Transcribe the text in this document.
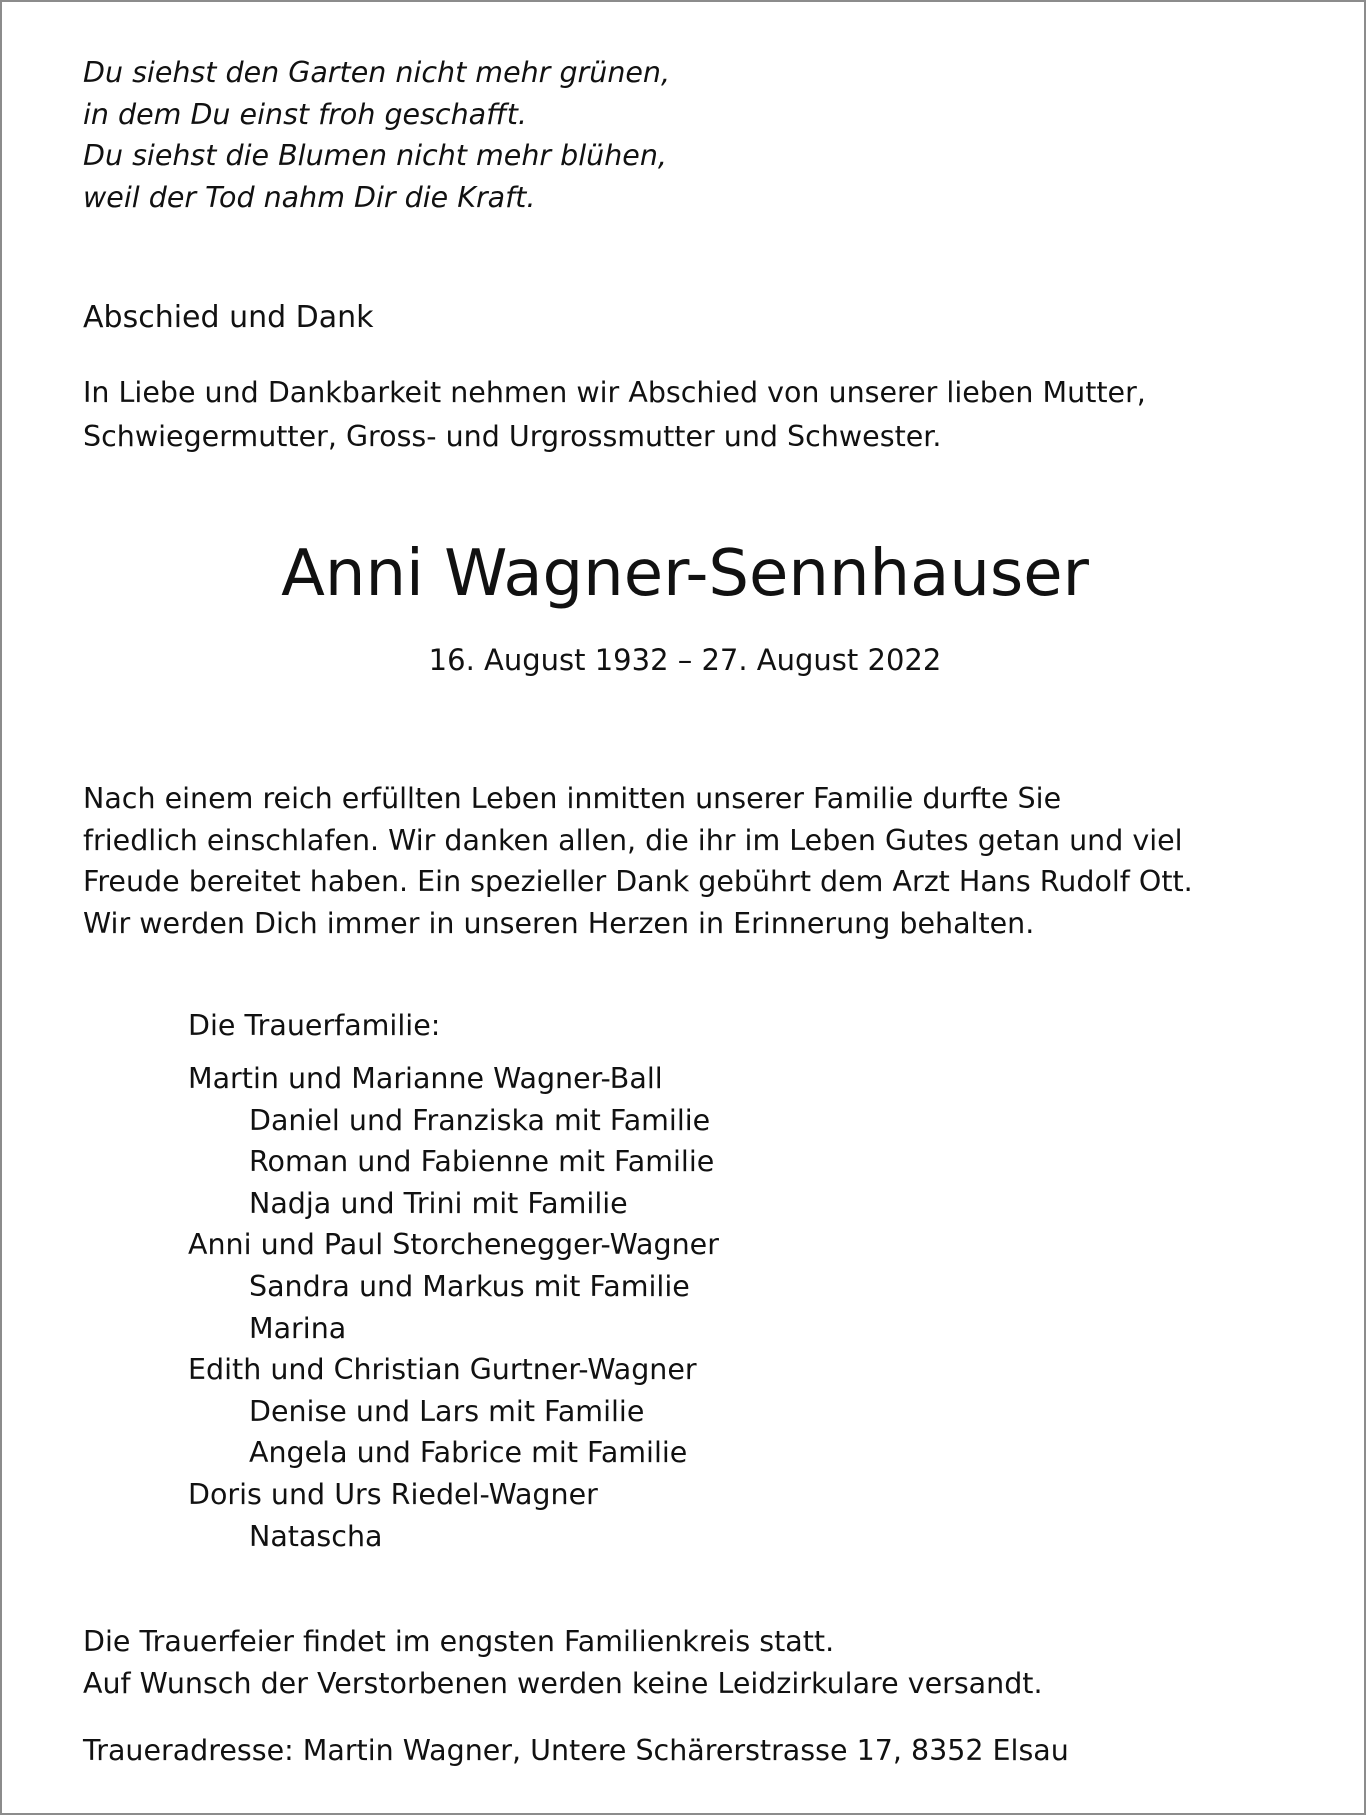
Du siehst den Garten nicht mehr grünen,
in dem Du einst froh geschafft.
Du siehst die Blumen nicht mehr blühen,
weil der Tod nahm Dir die Kraft.
Abschied und Dank
In Liebe und Dankbarkeit nehmen wir Abschied von unserer lieben Mutter,
Schwiegermutter, Gross- und Urgrossmutter und Schwester.
Anni Wagner-Sennhauser
16. August 1932 – 27. August 2022
Nach einem reich erfüllten Leben inmitten unserer Familie durfte Sie
friedlich einschlafen. Wir danken allen, die ihr im Leben Gutes getan und viel
Freude bereitet haben. Ein spezieller Dank gebührt dem Arzt Hans Rudolf Ott.
Wir werden Dich immer in unseren Herzen in Erinnerung behalten.
Die Trauerfamilie:
Martin und Marianne Wagner-Ball
Daniel und Franziska mit Familie
Roman und Fabienne mit Familie
Nadja und Trini mit Familie
Anni und Paul Storchenegger-Wagner
Sandra und Markus mit Familie
Marina
Edith und Christian Gurtner-Wagner
Denise und Lars mit Familie
Angela und Fabrice mit Familie
Doris und Urs Riedel-Wagner
Natascha
Die Trauerfeier findet im engsten Familienkreis statt.
Auf Wunsch der Verstorbenen werden keine Leidzirkulare versandt.
Traueradresse: Martin Wagner, Untere Schärerstrasse 17, 8352 Elsau
